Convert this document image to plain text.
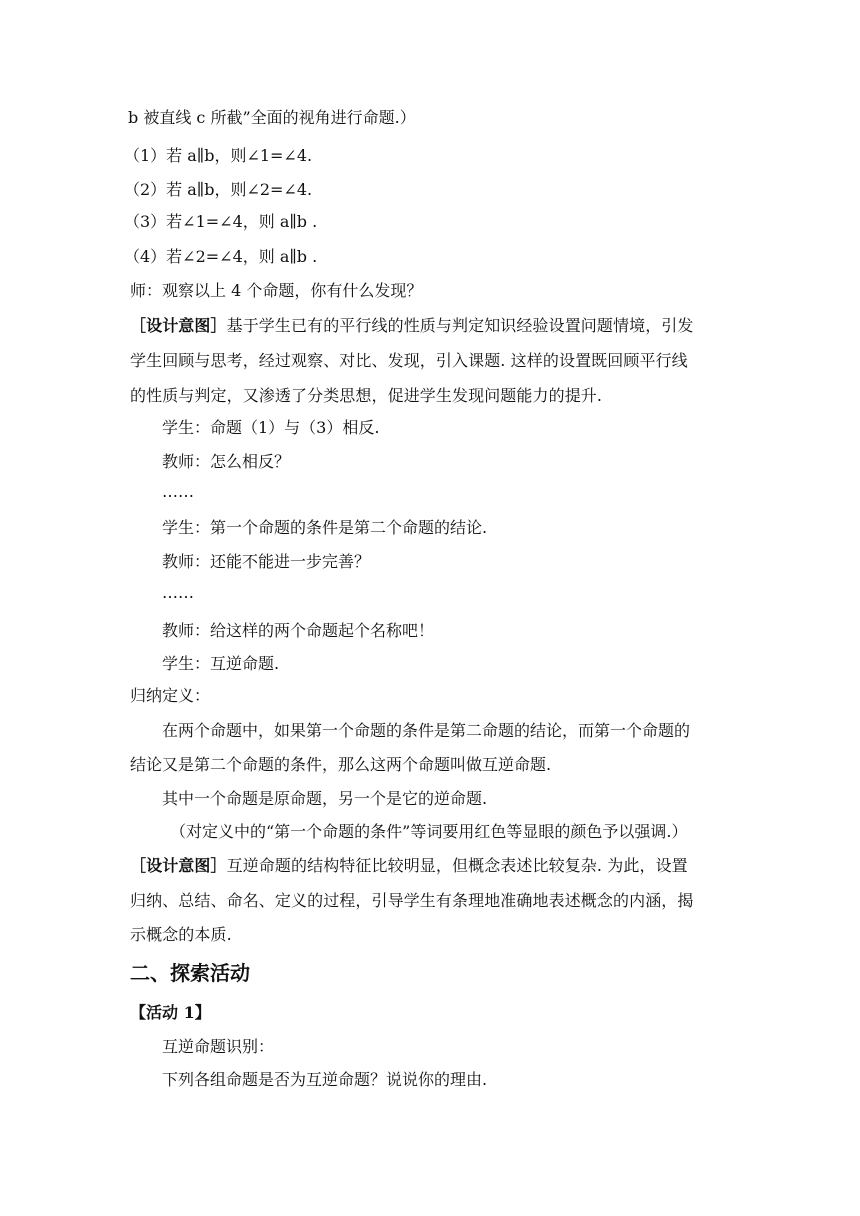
b 被直线 c 所截”全面的视角进行命题.）
（1）若 a∥b，则∠1=∠4.
（2）若 a∥b，则∠2=∠4.
（3）若∠1=∠4，则 a∥b .
（4）若∠2=∠4，则 a∥b .
师：观察以上 4 个命题，你有什么发现？
［设计意图］基于学生已有的平行线的性质与判定知识经验设置问题情境，引发
学生回顾与思考，经过观察、对比、发现，引入课题. 这样的设置既回顾平行线
的性质与判定，又渗透了分类思想，促进学生发现问题能力的提升.
学生：命题（1）与（3）相反.
教师：怎么相反？
……
学生：第一个命题的条件是第二个命题的结论.
教师：还能不能进一步完善？
……
教师：给这样的两个命题起个名称吧！
学生：互逆命题.
归纳定义：
在两个命题中，如果第一个命题的条件是第二命题的结论，而第一个命题的
结论又是第二个命题的条件，那么这两个命题叫做互逆命题.
其中一个命题是原命题，另一个是它的逆命题.
（对定义中的“第一个命题的条件”等词要用红色等显眼的颜色予以强调.）
［设计意图］互逆命题的结构特征比较明显，但概念表述比较复杂. 为此，设置
归纳、总结、命名、定义的过程，引导学生有条理地准确地表述概念的内涵，揭
示概念的本质.
二、探索活动
【活动 1】
互逆命题识别：
下列各组命题是否为互逆命题？说说你的理由.
